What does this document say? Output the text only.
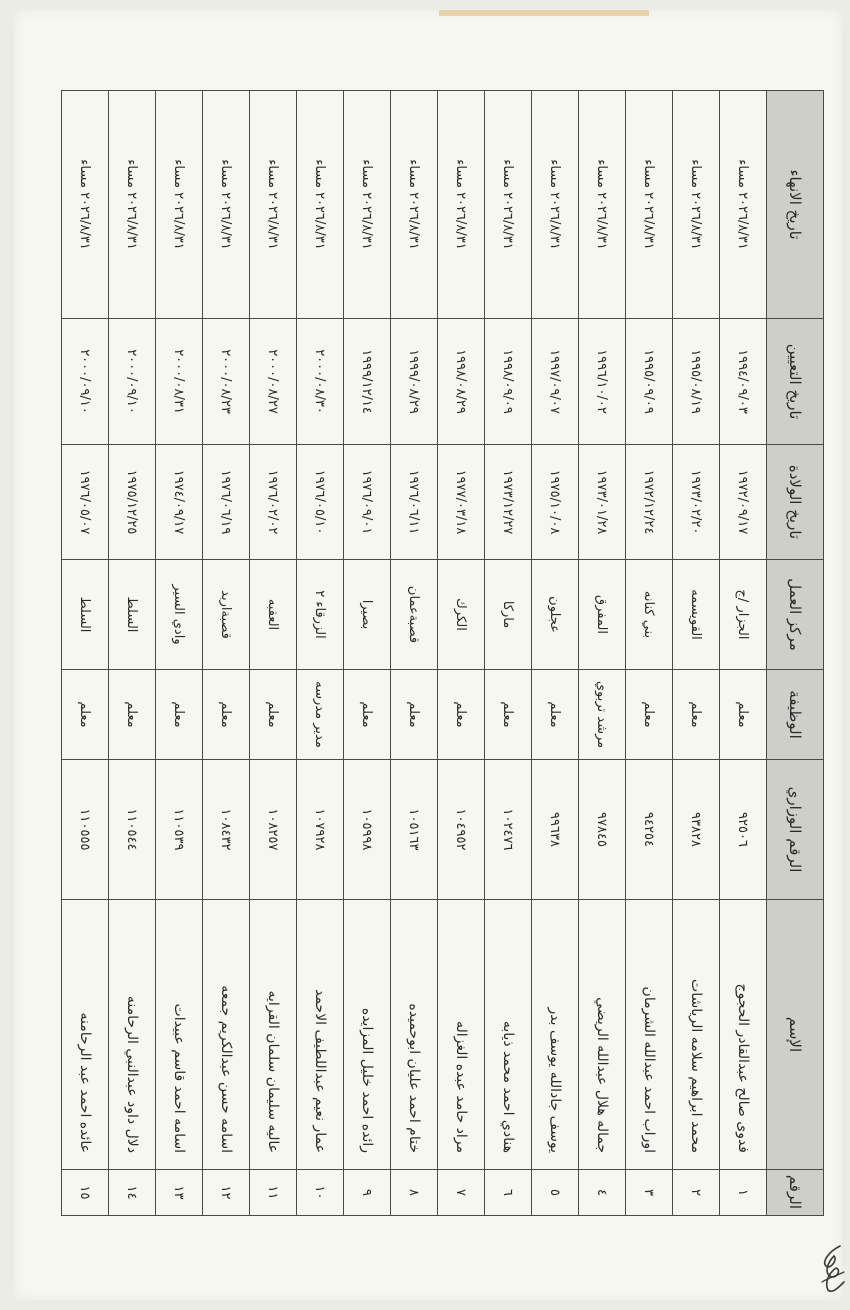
الرقم	الإسم	الرقم الوزاري	الوظيفة	مركز العمل	تاريخ الولادة	تاريخ التعيين	تاريخ الانهاء
١	فدوى صالح عبدالقادر الحجوج	٩٢٥٠٦	معلم	الجزار /ج	١٩٧٢/٠٩/١٧	١٩٩٤/٠٩/٠٣	٢٠٢٦/٨/٣١ مساء
٢	محمد ابراهيم سلامه الرياشات	٩٣٨٢٨	معلم	القويسمه	١٩٧٣/٠٢/٢٠	١٩٩٥/٠٨/١٩	٢٠٢٦/٨/٣١ مساء
٣	اوراب احمد عبدالله الشرمان	٩٤٢٥٤	معلم	بني كنانه	١٩٧٢/١٢/٢٤	١٩٩٥/٠٩/٠٩	٢٠٢٦/٨/٣١ مساء
٤	جماله هلال عبدالله الريضي	٩٧٨٤٥	مرشد تربوي	المفرق	١٩٧٣/٠١/٢٨	١٩٩٦/١٠/٠٢	٢٠٢٦/٨/٣١ مساء
٥	يوسف جادالله يوسف بدر	٩٩٦٣٨	معلم	عجلون	١٩٧٥/١٠/٠٨	١٩٩٧/٠٩/٠٧	٢٠٢٦/٨/٣١ مساء
٦	هنادي احمد محمد ذيابه	١٠٢٤٧٦	معلم	ماركا	١٩٧٣/١٢/٢٧	١٩٩٨/٠٩/٠٩	٢٠٢٦/٨/٣١ مساء
٧	مراد حامد عبده الغزاله	١٠٤٩٥٢	معلم	الكرك	١٩٧٧/٠٣/١٨	١٩٩٨/٠٨/٢٩	٢٠٢٦/٨/٣١ مساء
٨	ختام احمد عليان ابوحميده	١٠٥١٦٣	معلم	قصبةعمان	١٩٧٦/٠٦/١١	١٩٩٩/٠٨/٢٩	٢٠٢٦/٨/٣١ مساء
٩	رائده احمد خليل المزايده	١٠٥٩٩٨	معلم	بصيرا	١٩٧٦/٠٩/٠١	١٩٩٩/١٢/١٤	٢٠٢٦/٨/٣١ مساء
١٠	عمار نعيم عبداللطيف الاحمد	١٠٧٩٢٨	مدير مدرسه	الزرقاء ٢	١٩٧٦/٠٥/١٠	٢٠٠٠/٠٨/٣٠	٢٠٢٦/٨/٣١ مساء
١١	عاليه سليمان سلمان القرايه	١٠٨٢٥٧	معلم	العقبه	١٩٧٦/٠٢/٠٢	٢٠٠٠/٠٨/٢٧	٢٠٢٦/٨/٣١ مساء
١٢	اسامه حسن عبدالكريم جمعه	١٠٨٤٣٢	معلم	قصبةاربد	١٩٧٦/٠٦/١٩	٢٠٠٠/٠٨/٢٣	٢٠٢٦/٨/٣١ مساء
١٣	اسامه احمد قاسم عبيدات	١١٠٥٣٩	معلم	وادي السير	١٩٧٤/٠٩/١٧	٢٠٠٠/٠٨/٣١	٢٠٢٦/٨/٣١ مساء
١٤	دلال داود عبدالنبي الرحامنه	١١٠٥٤٤	معلم	السلط	١٩٧٥/١٢/٢٥	٢٠٠٠/٠٩/١٠	٢٠٢٦/٨/٣١ مساء
١٥	عائده احمد عبد الرحامنه	١١٠٥٥٥	معلم	السلط	١٩٧٦/٠٥/٠٧	٢٠٠٠/٠٩/١٠	٢٠٢٦/٨/٣١ مساء
